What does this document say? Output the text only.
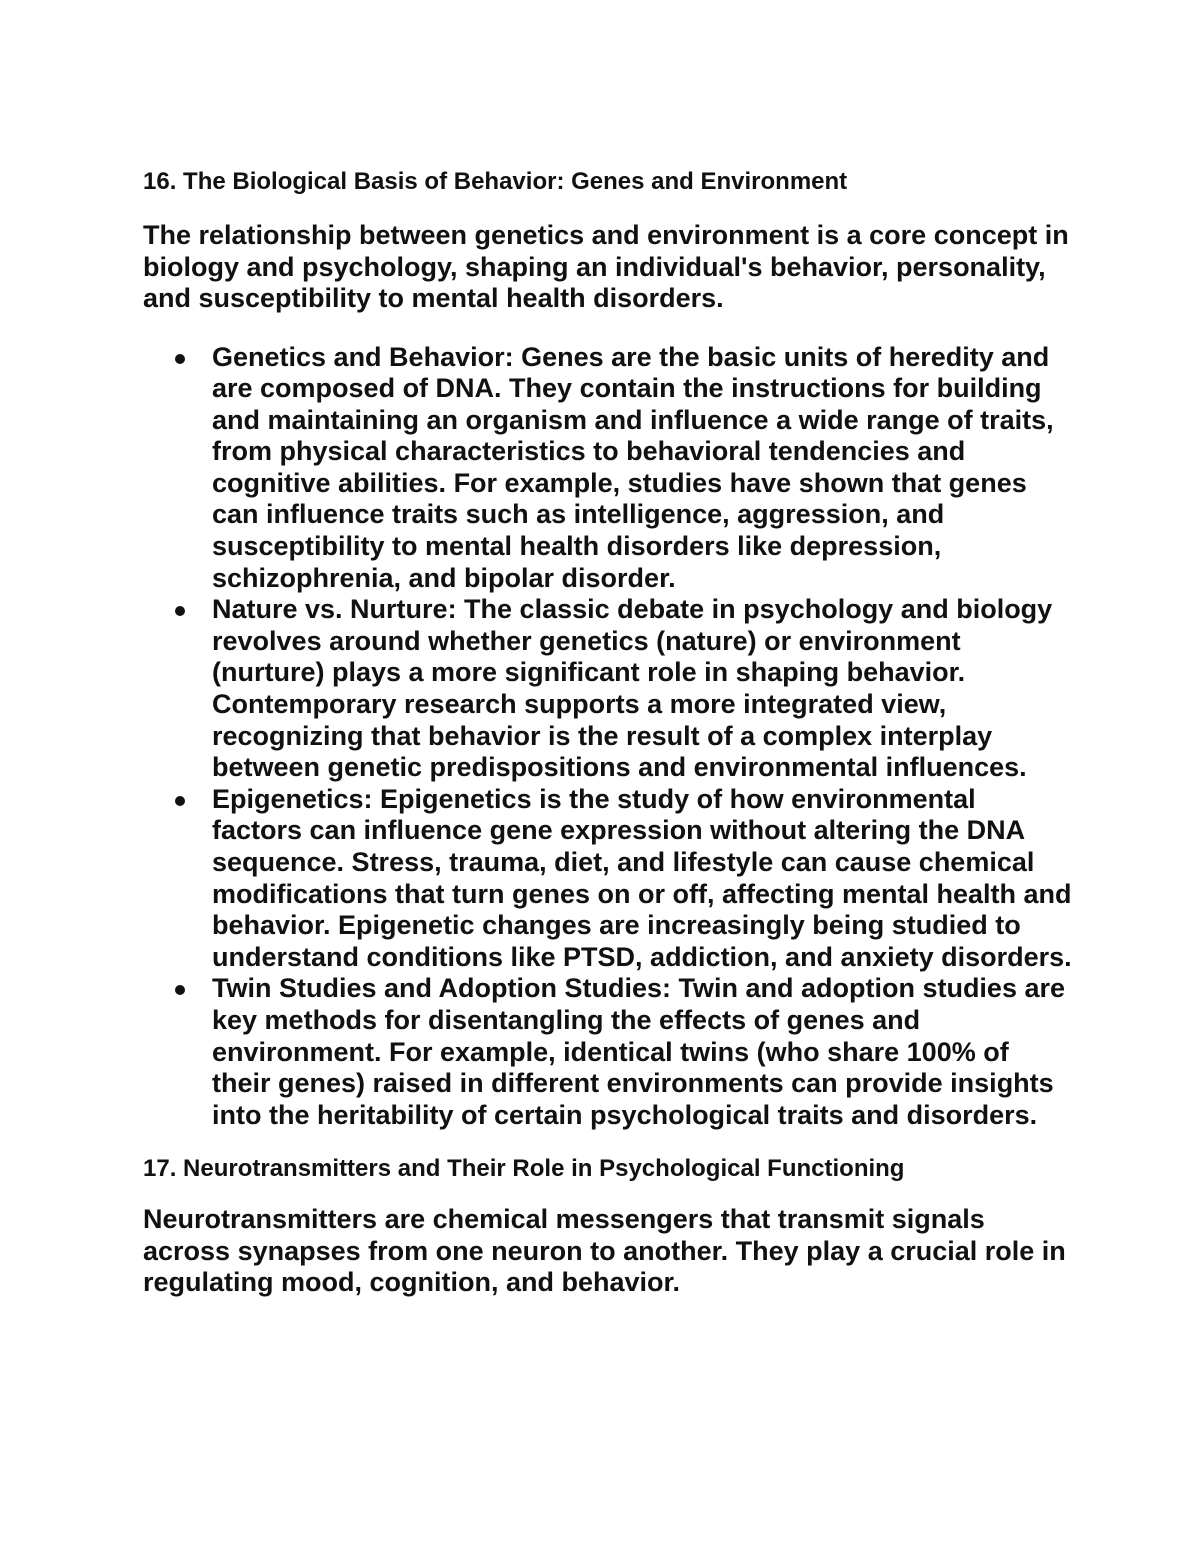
16. The Biological Basis of Behavior: Genes and Environment

The relationship between genetics and environment is a core concept in biology and psychology, shaping an individual's behavior, personality, and susceptibility to mental health disorders.

Genetics and Behavior: Genes are the basic units of heredity and are composed of DNA. They contain the instructions for building and maintaining an organism and influence a wide range of traits, from physical characteristics to behavioral tendencies and cognitive abilities. For example, studies have shown that genes can influence traits such as intelligence, aggression, and susceptibility to mental health disorders like depression, schizophrenia, and bipolar disorder.
Nature vs. Nurture: The classic debate in psychology and biology revolves around whether genetics (nature) or environment (nurture) plays a more significant role in shaping behavior. Contemporary research supports a more integrated view, recognizing that behavior is the result of a complex interplay between genetic predispositions and environmental influences.
Epigenetics: Epigenetics is the study of how environmental factors can influence gene expression without altering the DNA sequence. Stress, trauma, diet, and lifestyle can cause chemical modifications that turn genes on or off, affecting mental health and behavior. Epigenetic changes are increasingly being studied to understand conditions like PTSD, addiction, and anxiety disorders.
Twin Studies and Adoption Studies: Twin and adoption studies are key methods for disentangling the effects of genes and environment. For example, identical twins (who share 100% of their genes) raised in different environments can provide insights into the heritability of certain psychological traits and disorders.

17. Neurotransmitters and Their Role in Psychological Functioning

Neurotransmitters are chemical messengers that transmit signals across synapses from one neuron to another. They play a crucial role in regulating mood, cognition, and behavior.
